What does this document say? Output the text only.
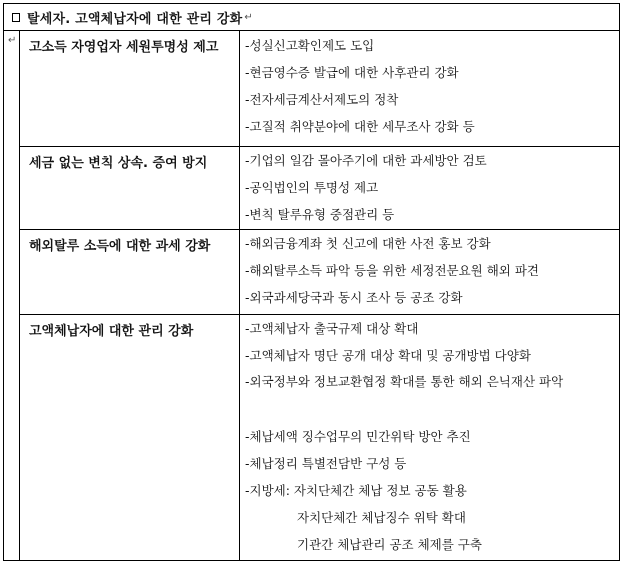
탈세자. 고액체납자에 대한 관리 강화 ↵
↵ 고소득 자영업자 세원투명성 제고	-성실신고확인제도 도입
-현금영수증 발급에 대한 사후관리 강화
-전자세금계산서제도의 정착
-고질적 취약분야에 대한 세무조사 강화 등
세금 없는 변칙 상속. 증여 방지	-기업의 일감 몰아주기에 대한 과세방안 검토
-공익법인의 투명성 제고
-변칙 탈루유형 중점관리 등
해외탈루 소득에 대한 과세 강화	-해외금융계좌 첫 신고에 대한 사전 홍보 강화
-해외탈루소득 파악 등을 위한 세정전문요원 해외 파견
-외국과세당국과 동시 조사 등 공조 강화
고액체납자에 대한 관리 강화	-고액체납자 출국규제 대상 확대
-고액체납자 명단 공개 대상 확대 및 공개방법 다양화
-외국정부와 정보교환협정 확대를 통한 해외 은닉재산 파악
-체납세액 징수업무의 민간위탁 방안 추진
-체납정리 특별전담반 구성 등
-지방세: 자치단체간 체납 정보 공동 활용
자치단체간 체납징수 위탁 확대
기관간 체납관리 공조 체제를 구축
